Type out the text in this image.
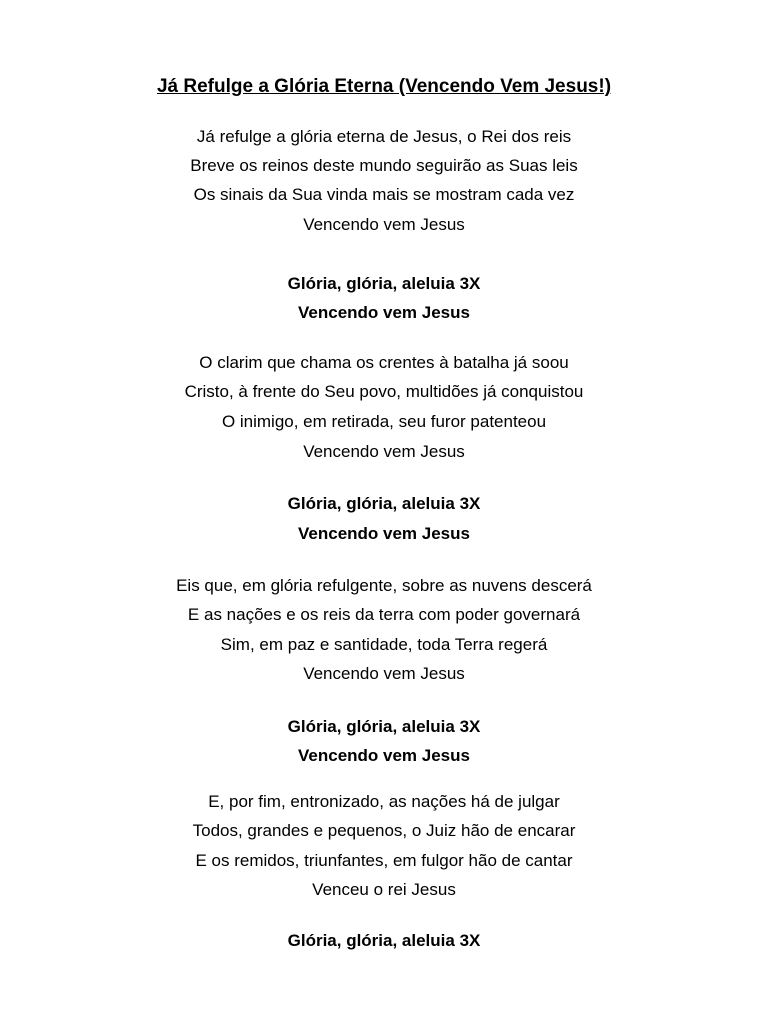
Já Refulge a Glória Eterna (Vencendo Vem Jesus!)
Já refulge a glória eterna de Jesus, o Rei dos reis
Breve os reinos deste mundo seguirão as Suas leis
Os sinais da Sua vinda mais se mostram cada vez
Vencendo vem Jesus
Glória, glória, aleluia 3X
Vencendo vem Jesus
O clarim que chama os crentes à batalha já soou
Cristo, à frente do Seu povo, multidões já conquistou
O inimigo, em retirada, seu furor patenteou
Vencendo vem Jesus
Glória, glória, aleluia 3X
Vencendo vem Jesus
Eis que, em glória refulgente, sobre as nuvens descerá
E as nações e os reis da terra com poder governará
Sim, em paz e santidade, toda Terra regerá
Vencendo vem Jesus
Glória, glória, aleluia 3X
Vencendo vem Jesus
E, por fim, entronizado, as nações há de julgar
Todos, grandes e pequenos, o Juiz hão de encarar
E os remidos, triunfantes, em fulgor hão de cantar
Venceu o rei Jesus
Glória, glória, aleluia 3X
